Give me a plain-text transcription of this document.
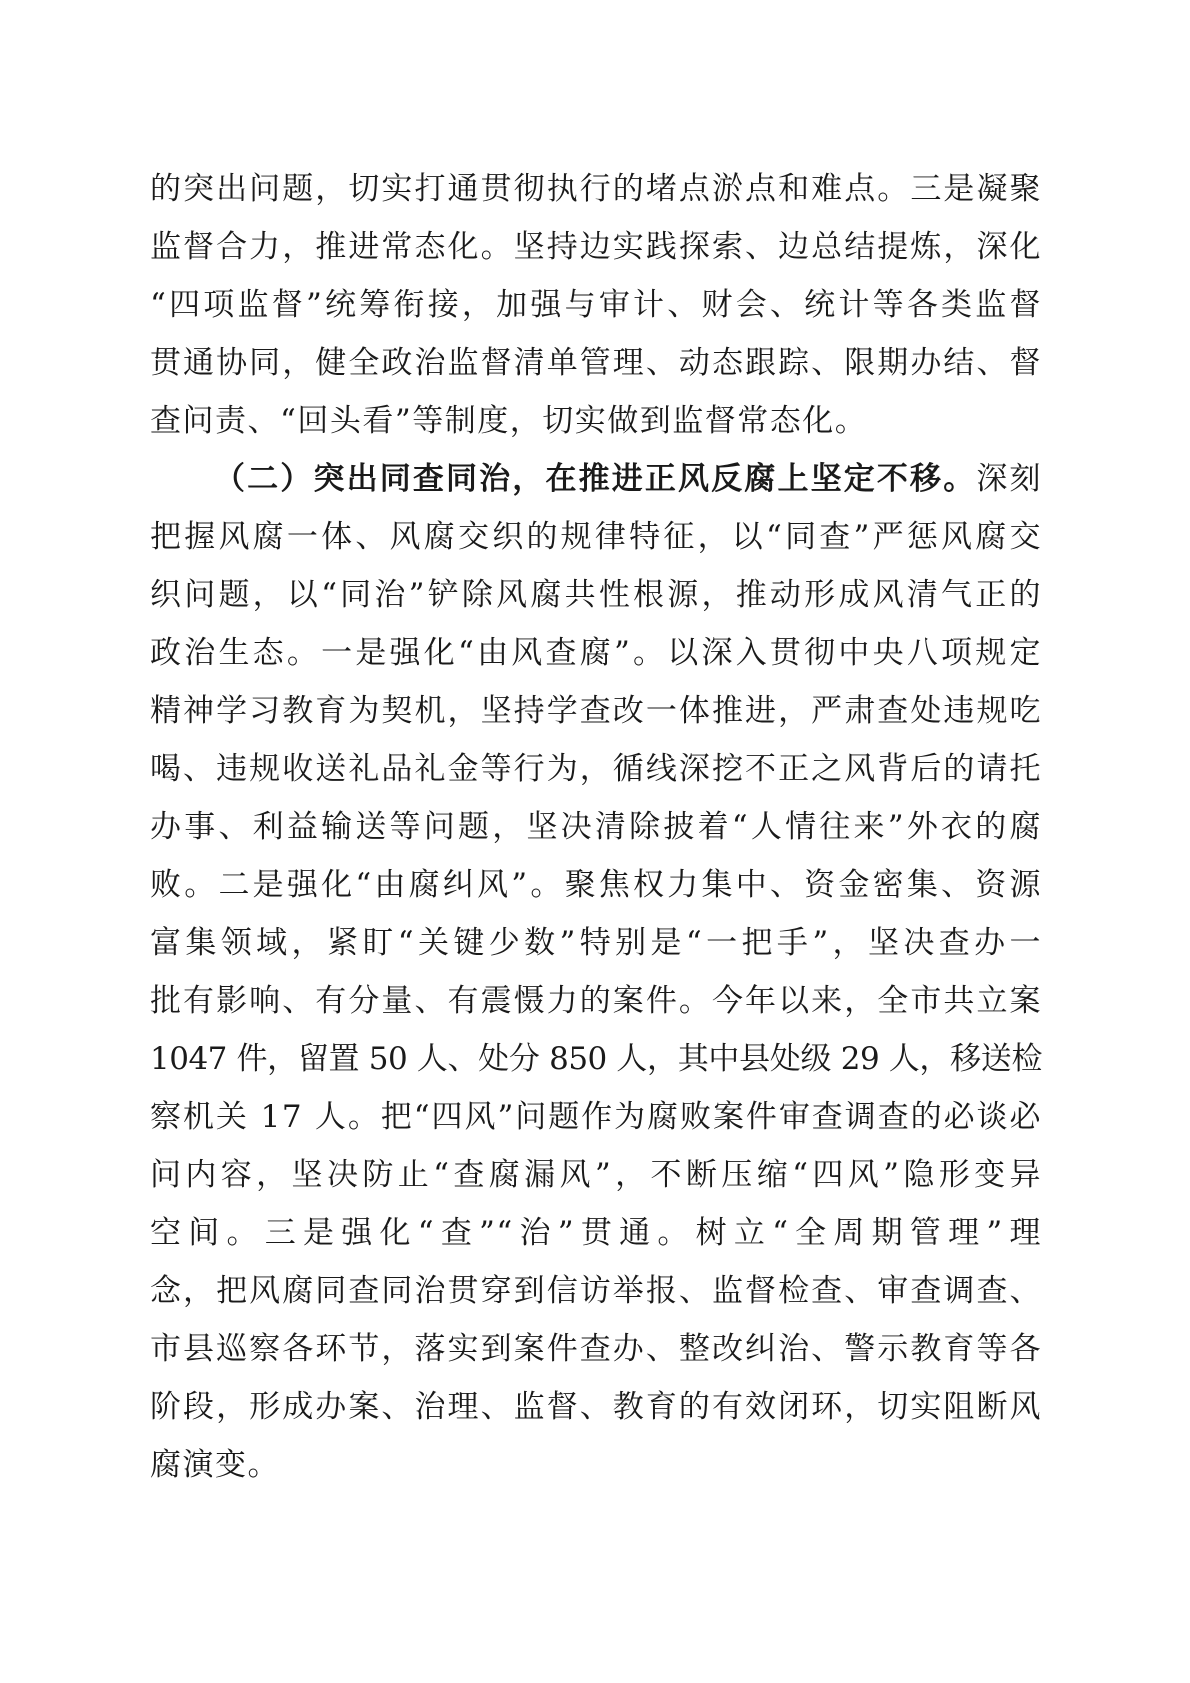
的突出问题，切实打通贯彻执行的堵点淤点和难点。三是凝聚
监督合力，推进常态化。坚持边实践探索、边总结提炼，深化
“四项监督”统筹衔接，加强与审计、财会、统计等各类监督
贯通协同，健全政治监督清单管理、动态跟踪、限期办结、督
查问责、“回头看”等制度，切实做到监督常态化。
（二）突出同查同治，在推进正风反腐上坚定不移。深刻
把握风腐一体、风腐交织的规律特征，以“同查”严惩风腐交
织问题，以“同治”铲除风腐共性根源，推动形成风清气正的
政治生态。一是强化“由风查腐”。以深入贯彻中央八项规定
精神学习教育为契机，坚持学查改一体推进，严肃查处违规吃
喝、违规收送礼品礼金等行为，循线深挖不正之风背后的请托
办事、利益输送等问题，坚决清除披着“人情往来”外衣的腐
败。二是强化“由腐纠风”。聚焦权力集中、资金密集、资源
富集领域，紧盯“关键少数”特别是“一把手”，坚决查办一
批有影响、有分量、有震慑力的案件。今年以来，全市共立案
1047 件，留置 50 人、处分 850 人，其中县处级 29 人，移送检
察机关 17 人。把“四风”问题作为腐败案件审查调查的必谈必
问内容，坚决防止“查腐漏风”，不断压缩“四风”隐形变异
空间。三是强化“查”“治”贯通。树立“全周期管理”理
念，把风腐同查同治贯穿到信访举报、监督检查、审查调查、
市县巡察各环节，落实到案件查办、整改纠治、警示教育等各
阶段，形成办案、治理、监督、教育的有效闭环，切实阻断风
腐演变。
